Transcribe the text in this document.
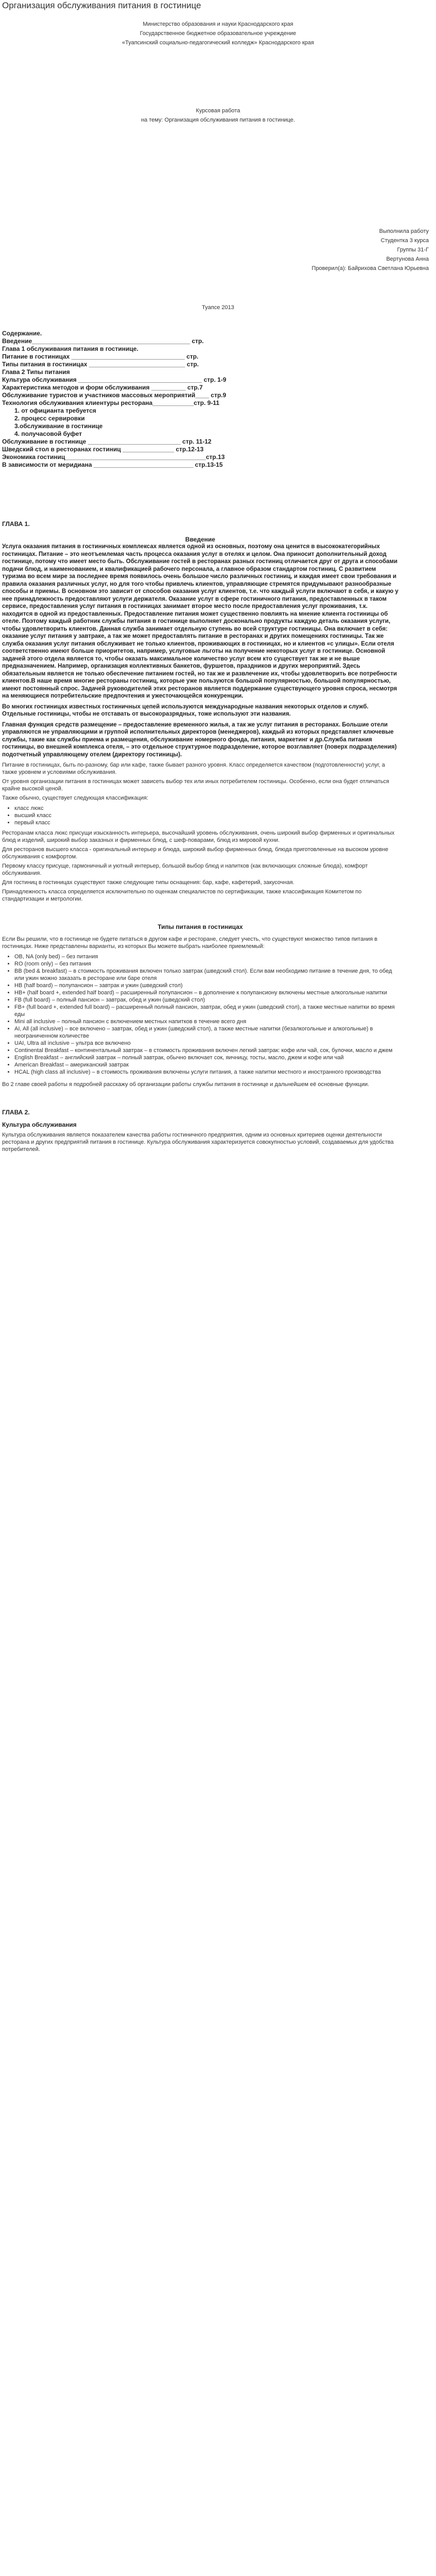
Организация обслуживания питания в гостинице
Министерство образования и науки Краснодарского края
Государственное бюджетное образовательное учреждение
«Туапсинский социально-педагогический колледж» Краснодарского края
Курсовая работа
на тему: Организация обслуживания питания в гостинице.
Выполнила работу
Студентка 3 курса
Группы 31-Г
Вертунова Анна
Проверил(а): Байрихова Светлана Юрьевна
Туапсе 2013
Содержание.
Введение______________________________________________ стр.
Глава 1 обслуживания питания в гостинице.
Питание в гостиницах _________________________________ стр.
Типы питания в гостиницах ____________________________ стр.
Глава 2 Типы питания
Культура обслуживания ____________________________________ стр. 1-9
Характеристика методов и форм обслуживания __________ стр.7
Обслуживание туристов и участников массовых мероприятий____ стр.9
Технология обслуживания клиентуры ресторана____________стр. 9-11
1. от официанта требуется
2. процесс сервировки
3.обслуживание в гостинице
4. получасовой буфет
Обслуживание в гостинице ___________________________ стр. 11-12
Шведский стол в ресторанах гостиниц _______________ стр.12-13
Экономика гостиниц_________________________________________стр.13
В зависимости от меридиана _____________________________ стр.13-15
ГЛАВА 1.

Введение

Услуга оказания питания в гостиничных комплексах является одной из основных, поэтому она ценится в высококатегорийных гостиницах. Питание – это неотъемлемая часть процесса оказания услуг в отелях и целом. Она приносит дополнительный доход гостинице, потому что имеет место быть. Обслуживание гостей в ресторанах разных гостиниц отличается друг от друга и способами подачи блюд, и наименованием, и квалификацией рабочего персонала, а главное образом стандартом гостиниц. С развитием туризма во всем мире за последнее время появилось очень большое число различных гостиниц, и каждая имеет свои требования и правила оказания различных услуг, но для того чтобы привлечь клиентов, управляющие стремятся придумывают разнообразные способы и приемы. В основном это зависит от способов оказания услуг клиентов, т.е. что каждый услуги включают в себя, и какую у нее принадлежность предоставляют услуги держателя. Оказание услуг в сфере гостиничного питания, предоставленных в таком сервисе, предоставления услуг питания в гостиницах занимает второе место после предоставления услуг проживания, т.к. находится в одной из предоставленных. Предоставление питания может существенно повлиять на мнение клиента гостиницы об отеле. Поэтому каждый работник службы питания в гостинице выполняет досконально продукты каждую деталь оказания услуги, чтобы удовлетворить клиентов. Данная служба занимает отдельную ступень во всей структуре гостиницы. Она включает в себя: оказание услуг питания у завтраке, а так же может предоставлять питание в ресторанах и других помещениях гостиницы. Так же служба оказания услуг питания обслуживает не только клиентов, проживающих в гостиницах, но и клиентов «с улицы». Если отеля соответственно имеют больше приоритетов, например, услуговые льготы на получение некоторых услуг в гостинице. Основной задачей этого отдела является то, чтобы оказать максимальное количество услуг всем кто существует так же и не выше предназначением. Например, организация коллективных банкетов, фуршетов, праздников и других мероприятий. Здесь обязательным является не только обеспечение питанием гостей, но так же и развлечение их, чтобы удовлетворить все потребности клиентов.В наше время многие рестораны гостиниц, которые уже пользуются большой популярностью, большой популярностью, имеют постоянный спрос. Задачей руководителей этих ресторанов является поддержание существующего уровня спроса, несмотря на меняющиеся потребительские предпочтения и ужесточающейся конкуренции.

Во многих гостиницах известных гостиничных цепей используются международные названия некоторых отделов и служб. Отдельные гостиницы, чтобы не отставать от высокоразрядных, тоже используют эти названия.

Главная функция средств размещение – предоставление временного жилья, а так же услуг питания в ресторанах. Большие отели управляются не управляющими и группой исполнительных директоров (менеджеров), каждый из которых представляет ключевые службы, такие как службы приема и размещения, обслуживание номерного фонда, питания, маркетинг и др.Служба питания гостиницы, во внешней комплекса отеля, – это отдельное структурное подразделение, которое возглавляет (поверх подразделения) подотчетный управляющему отелем (директору гостиницы).

Питание в гостиницах, быть по-разному, бар или кафе, также бывает разного уровня. Класс определяется качеством (подготовленности) услуг, а также уровнем и условиями обслуживания.

От уровня организации питания в гостиницах может зависеть выбор тех или иных потребителем гостиницы. Особенно, если она будет отличаться крайне высокой ценой.

Также обычно, существует следующая классификация:

• класс люкс
• высший класс
• первый класс

Ресторанам класса люкс присущи изысканность интерьера, высочайший уровень обслуживания, очень широкий выбор фирменных и оригинальных блюд и изделий, широкий выбор заказных и фирменных блюд, с шеф-поварами, блюд из мировой кухни.

Для ресторанов высшего класса - оригинальный интерьер и блюда, широкий выбор фирменных блюд, блюда приготовленные на высоком уровне обслуживания с комфортом.

Первому классу присуще, гармоничный и уютный интерьер, большой выбор блюд и напитков (как включающих сложные блюда), комфорт обслуживания.

Для гостиниц в гостиницах существуют также следующие типы оснащения: бар, кафе, кафетерий, закусочная.

Принадлежность класса определяется исключительно по оценкам специалистов по сертификации, также классификация Комитетом по стандартизации и метрологии.

Типы питания в гостиницах

Если Вы решили, что в гостинице не будете питаться в другом кафе и ресторане, следует учесть, что существуют множество типов питания в гостиницах. Ниже представлены варианты, из которых Вы можете выбрать наиболее приемлемый:

• OB, NA (only bed) – без питания
• RO (room only) – без питания
• BB (bed & breakfast) – в стоимость проживания включен только завтрак (шведский стол). Если вам необходимо питание в течение дня, то обед или ужин можно заказать в ресторане или баре отеля
• HB (half board) – полупансион – завтрак и ужин (шведский стол)
• HB+ (half board +, extended half board) – расширенный полупансион – в дополнение к полупансиону включены местные алкогольные напитки
• FB (full board) – полный пансион – завтрак, обед и ужин (шведский стол)
• FB+ (full board +, extended full board) – расширенный полный пансион, завтрак, обед и ужин (шведский стол), а также местные напитки во время еды
• Mini all inclusive – полный пансион с включением местных напитков в течение всего дня
• AI, All (all inclusive) – все включено – завтрак, обед и ужин (шведский стол), а также местные напитки (безалкогольные и алкогольные) в неограниченном количестве
• UAI, Ultra all inclusive – ультра все включено
• Continental Breakfast – континентальный завтрак – в стоимость проживания включен легкий завтрак: кофе или чай, сок, булочки, масло и джем
• English Breakfast – английский завтрак – полный завтрак, обычно включает сок, яичницу, тосты, масло, джем и кофе или чай
• American Breakfast – американский завтрак
• HCAL (high class all inclusive) – в стоимость проживания включены услуги питания, а также напитки местного и иностранного производства

Во 2 главе своей работы я подробней расскажу об организации работы службы питания в гостинице и дальнейшем её основные функции.

ГЛАВА 2.

Культура обслуживания

Культура обслуживания является показателем качества работы гостиничного предприятия, одним из основных критериев оценки деятельности ресторана и других предприятий питания в гостинице. Культура обслуживания характеризуется совокупностью условий, создаваемых для удобства потребителей.
